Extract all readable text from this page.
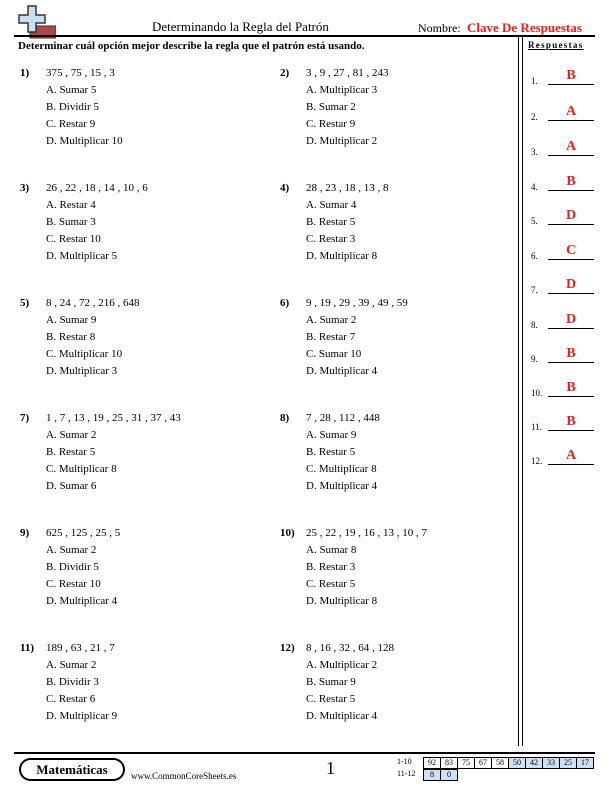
Determinando la Regla del Patrón	Nombre: Clave De Respuestas
Determinar cuál opción mejor describe la regla que el patrón está usando.	Respuestas
1.	B
2.	A
3.	A
4.	B
5.	D
6.	C
7.	D
8.	D
9.	B
10.	B
11.	B
12.	A
1) 375 , 75 , 15 , 3
A. Sumar 5
B. Dividir 5
C. Restar 9
D. Multiplicar 10
2) 3 , 9 , 27 , 81 , 243
A. Multiplicar 3
B. Sumar 2
C. Restar 9
D. Multiplicar 2
3) 26 , 22 , 18 , 14 , 10 , 6
A. Restar 4
B. Sumar 3
C. Restar 10
D. Multiplicar 5
4) 28 , 23 , 18 , 13 , 8
A. Sumar 4
B. Restar 5
C. Restar 3
D. Multiplicar 8
5) 8 , 24 , 72 , 216 , 648
A. Sumar 9
B. Restar 8
C. Multiplicar 10
D. Multiplicar 3
6) 9 , 19 , 29 , 39 , 49 , 59
A. Sumar 2
B. Restar 7
C. Sumar 10
D. Multiplicar 4
7) 1 , 7 , 13 , 19 , 25 , 31 , 37 , 43
A. Sumar 2
B. Restar 5
C. Multiplicar 8
D. Sumar 6
8) 7 , 28 , 112 , 448
A. Sumar 9
B. Restar 5
C. Multiplicar 8
D. Multiplicar 4
9) 625 , 125 , 25 , 5
A. Sumar 2
B. Dividir 5
C. Restar 10
D. Multiplicar 4
10) 25 , 22 , 19 , 16 , 13 , 10 , 7
A. Sumar 8
B. Restar 3
C. Restar 5
D. Multiplicar 8
11) 189 , 63 , 21 , 7
A. Sumar 2
B. Dividir 3
C. Restar 6
D. Multiplicar 9
12) 8 , 16 , 32 , 64 , 128
A. Multiplicar 2
B. Sumar 9
C. Restar 5
D. Multiplicar 4
Matemáticas	www.CommonCoreSheets.es	1	1-10 92	83	75	67	58	50	42	33	25	17
11-12 8	0
